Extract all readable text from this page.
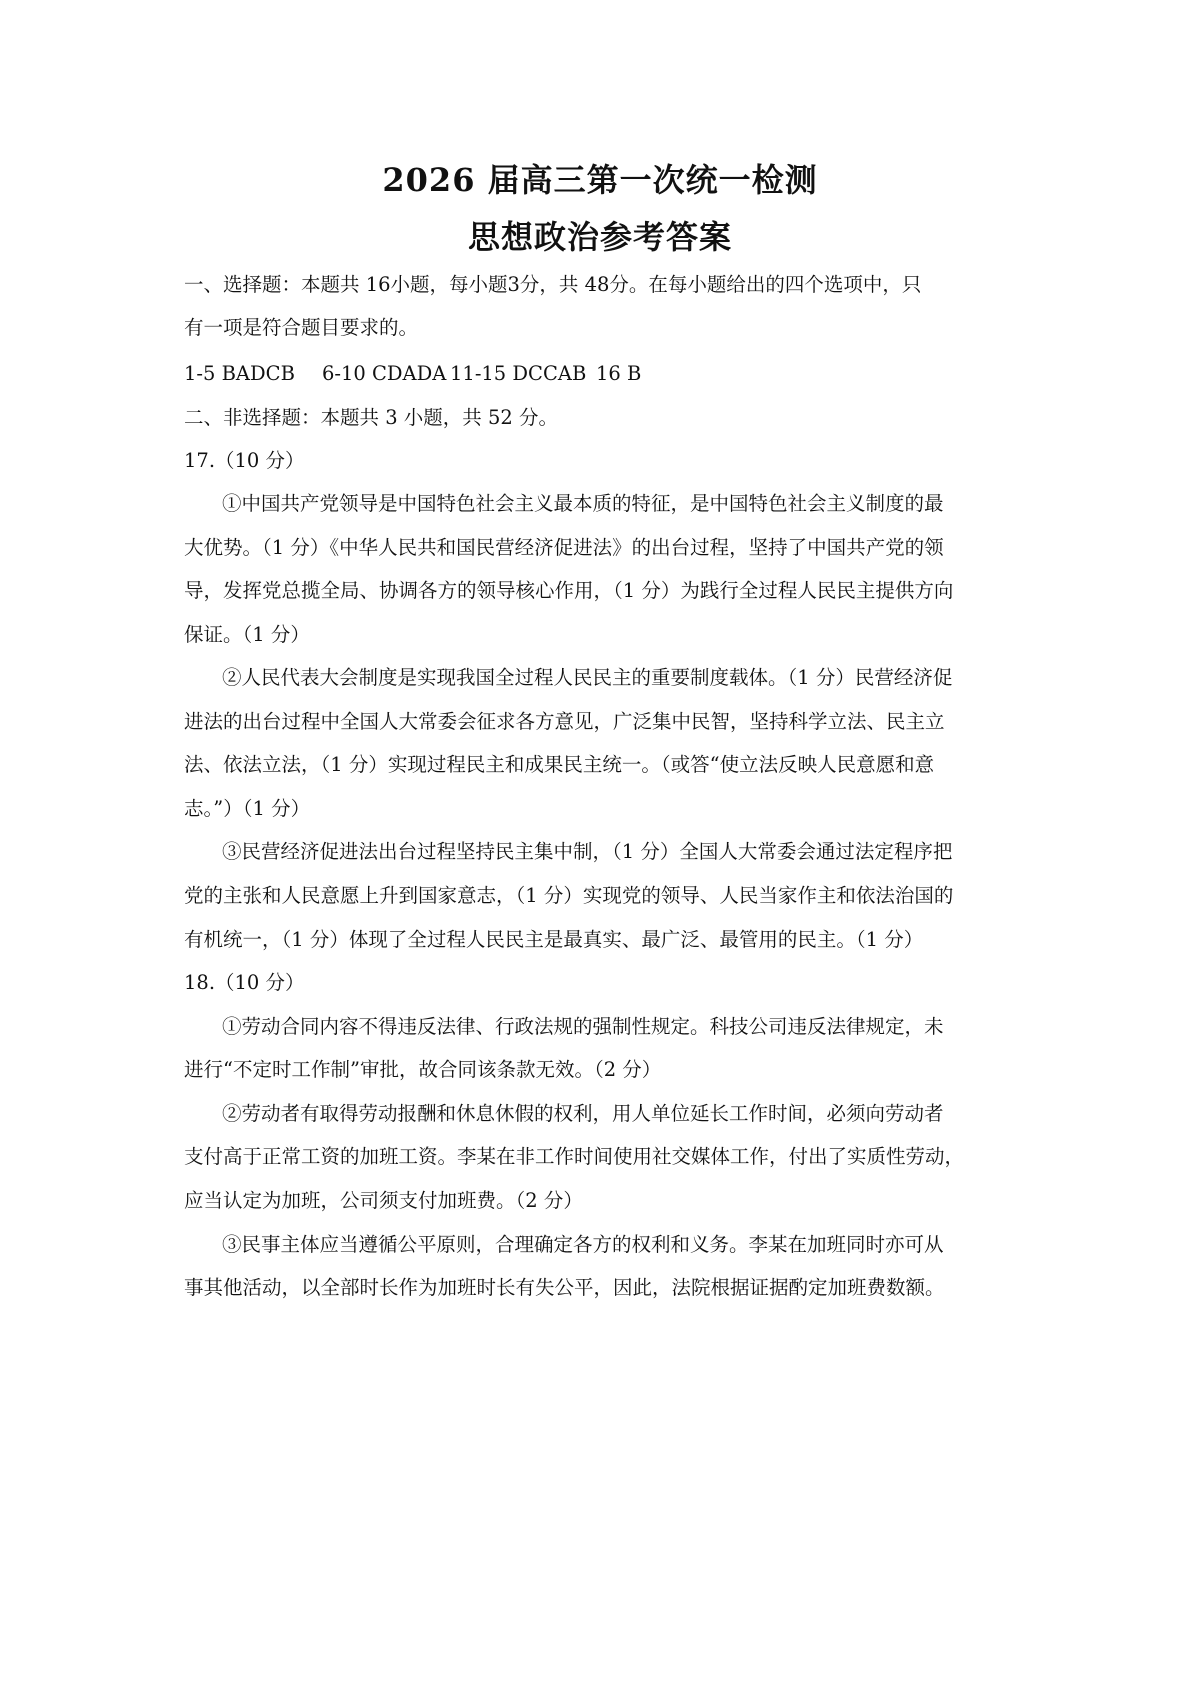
2026 届高三第一次统一检测
思想政治参考答案
一、选择题：本题共 16小题，每小题3分，共 48分。在每小题给出的四个选项中，只
有一项是符合题目要求的。
1-5 BADCB 6-10 CDADA 11-15 DCCAB 16 B
二、非选择题：本题共 3 小题，共 52 分。
17.（10 分）
①中国共产党领导是中国特色社会主义最本质的特征，是中国特色社会主义制度的最
大优势。（1 分）《中华人民共和国民营经济促进法》的出台过程，坚持了中国共产党的领
导，发挥党总揽全局、协调各方的领导核心作用，（1 分）为践行全过程人民民主提供方向
保证。（1 分）
②人民代表大会制度是实现我国全过程人民民主的重要制度载体。（1 分）民营经济促
进法的出台过程中全国人大常委会征求各方意见，广泛集中民智，坚持科学立法、民主立
法、依法立法，（1 分）实现过程民主和成果民主统一。（或答“使立法反映人民意愿和意
志。”）（1 分）
③民营经济促进法出台过程坚持民主集中制，（1 分）全国人大常委会通过法定程序把
党的主张和人民意愿上升到国家意志，（1 分）实现党的领导、人民当家作主和依法治国的
有机统一，（1 分）体现了全过程人民民主是最真实、最广泛、最管用的民主。（1 分）
18.（10 分）
①劳动合同内容不得违反法律、行政法规的强制性规定。科技公司违反法律规定，未
进行“不定时工作制”审批，故合同该条款无效。（2 分）
②劳动者有取得劳动报酬和休息休假的权利，用人单位延长工作时间，必须向劳动者
支付高于正常工资的加班工资。李某在非工作时间使用社交媒体工作，付出了实质性劳动，
应当认定为加班，公司须支付加班费。（2 分）
③民事主体应当遵循公平原则，合理确定各方的权利和义务。李某在加班同时亦可从
事其他活动，以全部时长作为加班时长有失公平，因此，法院根据证据酌定加班费数额。
